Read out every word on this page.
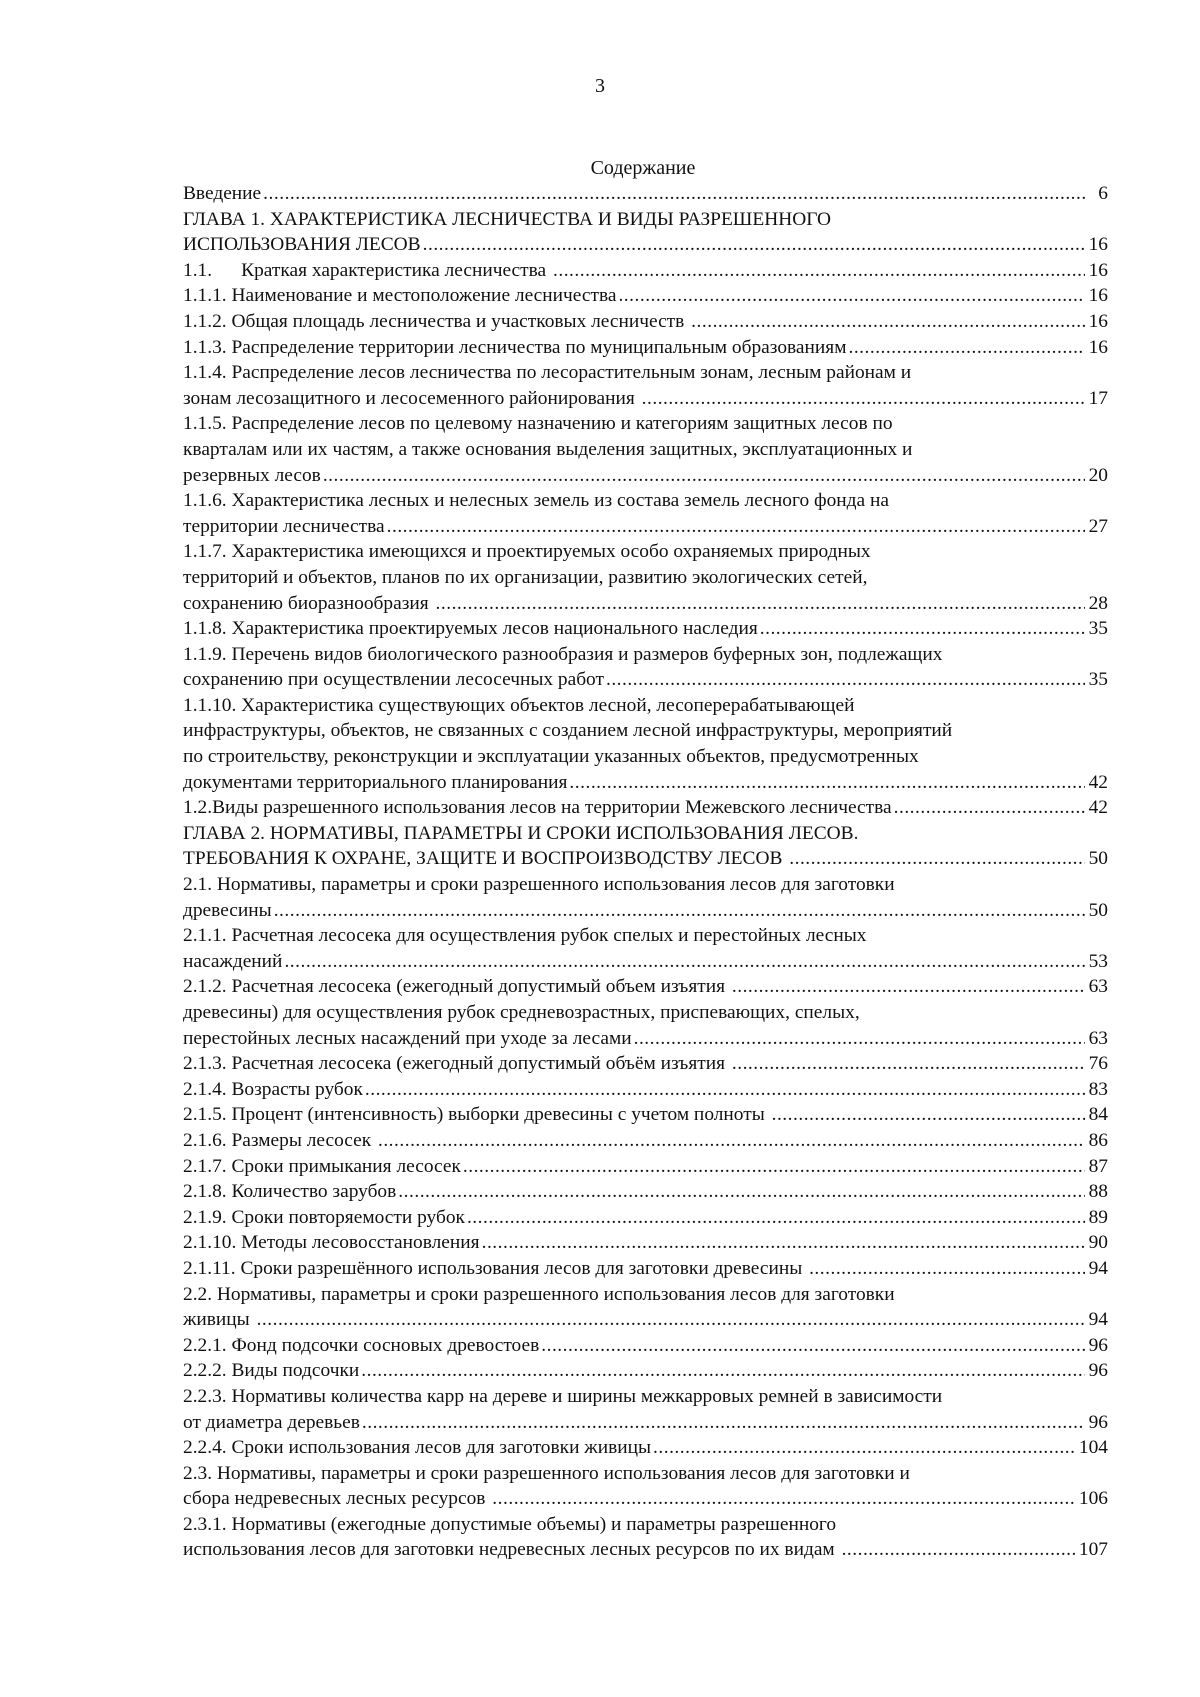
3
Содержание
Введение .....	6
ГЛАВА 1. ХАРАКТЕРИСТИКА ЛЕСНИЧЕСТВА И ВИДЫ РАЗРЕШЕННОГО
ИСПОЛЬЗОВАНИЯ ЛЕСОВ .....	16
1.1.      Краткая характеристика лесничества .....	16
1.1.1. Наименование и местоположение лесничества .....	16
1.1.2. Общая площадь лесничества и участковых лесничеств .....	16
1.1.3. Распределение территории лесничества по муниципальным образованиям .....	16
1.1.4. Распределение лесов лесничества по лесорастительным зонам, лесным районам и
зонам лесозащитного и лесосеменного районирования .....	17
1.1.5. Распределение лесов по целевому назначению и категориям защитных лесов по
кварталам или их частям, а также основания выделения защитных, эксплуатационных и
резервных лесов .....	20
1.1.6. Характеристика лесных и нелесных земель из состава земель лесного фонда на
территории лесничества .....	27
1.1.7. Характеристика имеющихся и проектируемых особо охраняемых природных
территорий и объектов, планов по их организации, развитию экологических сетей,
сохранению биоразнообразия .....	28
1.1.8. Характеристика проектируемых лесов национального наследия .....	35
1.1.9. Перечень видов биологического разнообразия и размеров буферных зон, подлежащих
сохранению при осуществлении лесосечных работ .....	35
1.1.10. Характеристика существующих объектов лесной, лесоперерабатывающей
инфраструктуры, объектов, не связанных с созданием лесной инфраструктуры, мероприятий
по строительству, реконструкции и эксплуатации указанных объектов, предусмотренных
документами территориального планирования .....	42
1.2.Виды разрешенного использования лесов на территории Межевского лесничества .....	42
ГЛАВА 2. НОРМАТИВЫ, ПАРАМЕТРЫ И СРОКИ ИСПОЛЬЗОВАНИЯ ЛЕСОВ.
ТРЕБОВАНИЯ К ОХРАНЕ, ЗАЩИТЕ И ВОСПРОИЗВОДСТВУ ЛЕСОВ .....	50
2.1. Нормативы, параметры и сроки разрешенного использования лесов для заготовки
древесины .....	50
2.1.1. Расчетная лесосека для осуществления рубок спелых и перестойных лесных
насаждений .....	53
2.1.2. Расчетная лесосека (ежегодный допустимый объем изъятия .....	63
древесины) для осуществления рубок средневозрастных, приспевающих, спелых,
перестойных лесных насаждений при уходе за лесами .....	63
2.1.3. Расчетная лесосека (ежегодный допустимый объём изъятия .....	76
2.1.4. Возрасты рубок .....	83
2.1.5. Процент (интенсивность) выборки древесины с учетом полноты .....	84
2.1.6. Размеры лесосек .....	86
2.1.7. Сроки примыкания лесосек .....	87
2.1.8. Количество зарубов .....	88
2.1.9. Сроки повторяемости рубок .....	89
2.1.10. Методы лесовосстановления .....	90
2.1.11. Сроки разрешённого использования лесов для заготовки древесины .....	94
2.2. Нормативы, параметры и сроки разрешенного использования лесов для заготовки
живицы .....	94
2.2.1. Фонд подсочки сосновых древостоев .....	96
2.2.2. Виды подсочки .....	96
2.2.3. Нормативы количества карр на дереве и ширины межкарровых ремней в зависимости
от диаметра деревьев .....	96
2.2.4. Сроки использования лесов для заготовки живицы .....	104
2.3. Нормативы, параметры и сроки разрешенного использования лесов для заготовки и
сбора недревесных лесных ресурсов .....	106
2.3.1. Нормативы (ежегодные допустимые объемы) и параметры разрешенного
использования лесов для заготовки недревесных лесных ресурсов по их видам .....	107
